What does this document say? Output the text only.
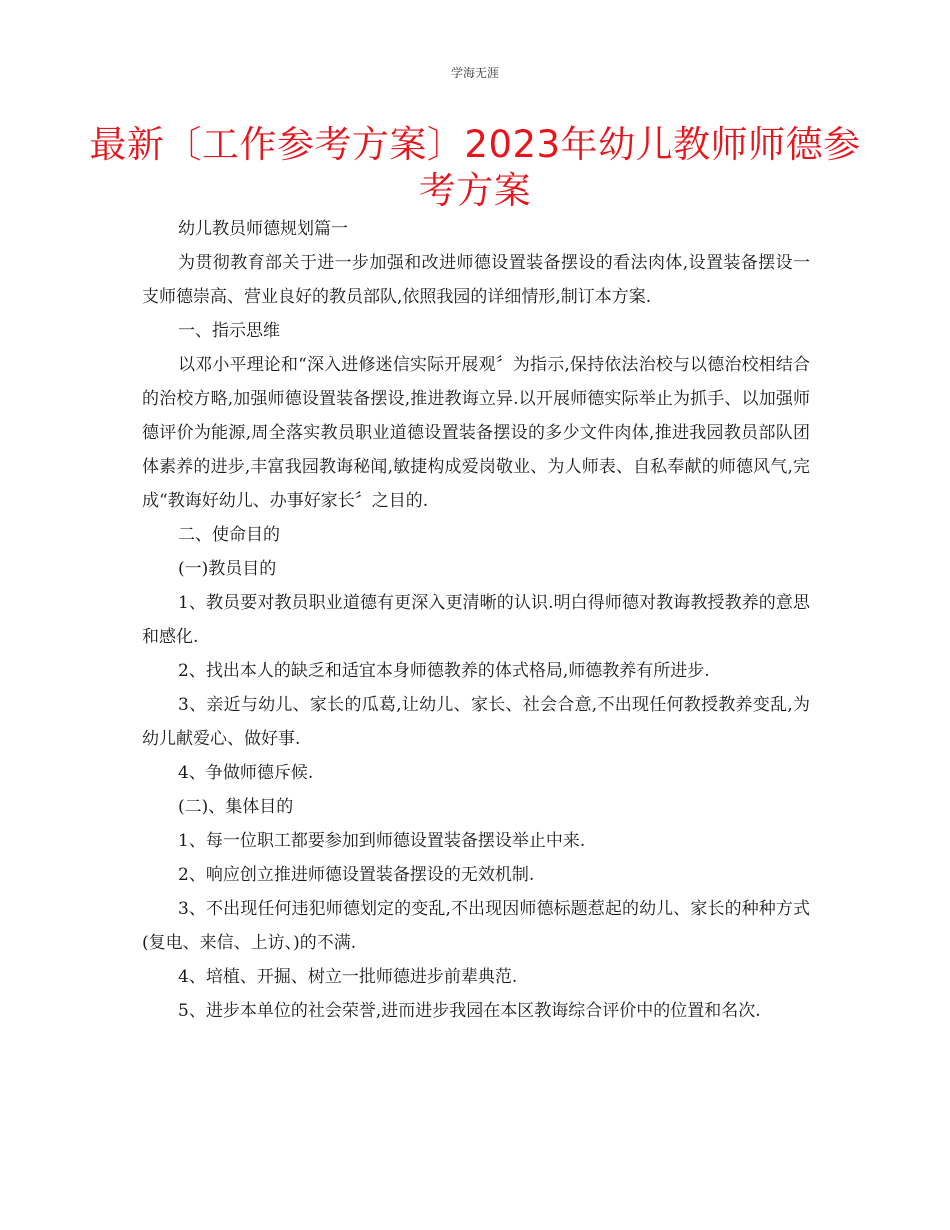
学海无涯
最新〔工作参考方案〕2023年幼儿教师师德参考方案

幼儿教员师德规划篇一

为贯彻教育部关于进一步加强和改进师德设置装备摆设的看法肉体,设置装备摆设一支师德崇高、营业良好的教员部队,依照我园的详细情形,制订本方案.

一、指示思维

以邓小平理论和“深入进修迷信实际开展观〞为指示,保持依法治校与以德治校相结合的治校方略,加强师德设置装备摆设,推进教诲立异.以开展师德实际举止为抓手、以加强师德评价为能源,周全落实教员职业道德设置装备摆设的多少文件肉体,推进我园教员部队团体素养的进步,丰富我园教诲秘闻,敏捷构成爱岗敬业、为人师表、自私奉献的师德风气,完成“教诲好幼儿、办事好家长〞之目的.

二、使命目的

(一)教员目的

1、教员要对教员职业道德有更深入更清晰的认识.明白得师德对教诲教授教养的意思和感化.

2、找出本人的缺乏和适宜本身师德教养的体式格局,师德教养有所进步.

3、亲近与幼儿、家长的瓜葛,让幼儿、家长、社会合意,不出现任何教授教养变乱,为幼儿献爱心、做好事.

4、争做师德斥候.

(二)、集体目的

1、每一位职工都要参加到师德设置装备摆设举止中来.

2、响应创立推进师德设置装备摆设的无效机制.

3、不出现任何违犯师德划定的变乱,不出现因师德标题惹起的幼儿、家长的种种方式(复电、来信、上访、)的不满.

4、培植、开掘、树立一批师德进步前辈典范.

5、进步本单位的社会荣誉,进而进步我园在本区教诲综合评价中的位置和名次.
